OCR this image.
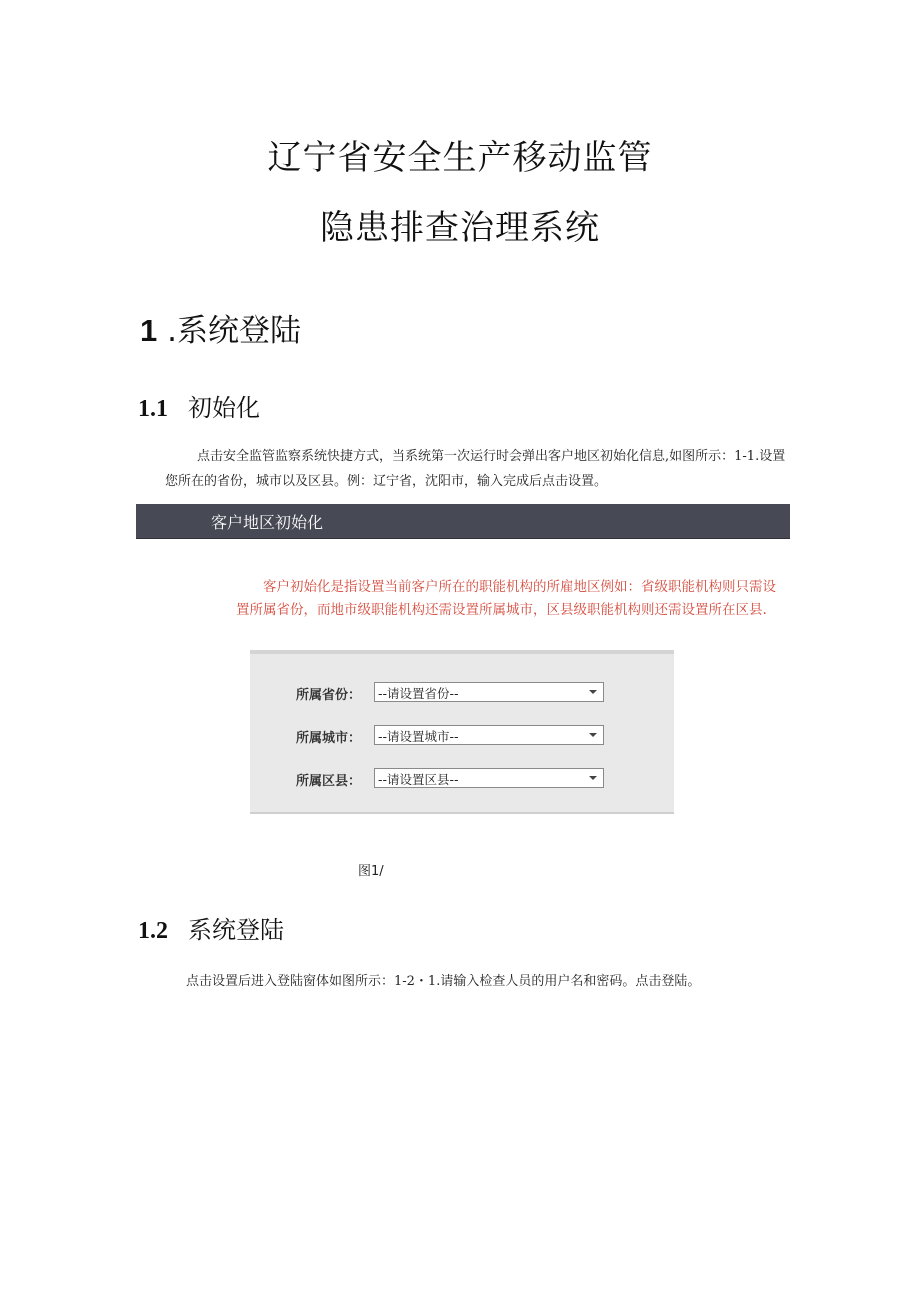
辽宁省安全生产移动监管
隐患排查治理系统
1 .系统登陆
1.1 初始化
点击安全监管监察系统快捷方式，当系统第一次运行时会弹出客户地区初始化信息,如图所示：1-1.设置您所在的省份，城市以及区县。例：辽宁省，沈阳市，输入完成后点击设置。
客户地区初始化
客户初始化是指设置当前客户所在的职能机构的所雇地区例如：省级职能机构则只需设置所属省份，而地市级职能机构还需设置所属城市，区县级职能机构则还需设置所在区县.
所属省份：	--请设置省份--
所属城市：	--请设置城市--
所属区县：	--请设置区县--
图1/
1.2 系统登陆
点击设置后进入登陆窗体如图所示：1-2・1.请输入检查人员的用户名和密码。点击登陆。
